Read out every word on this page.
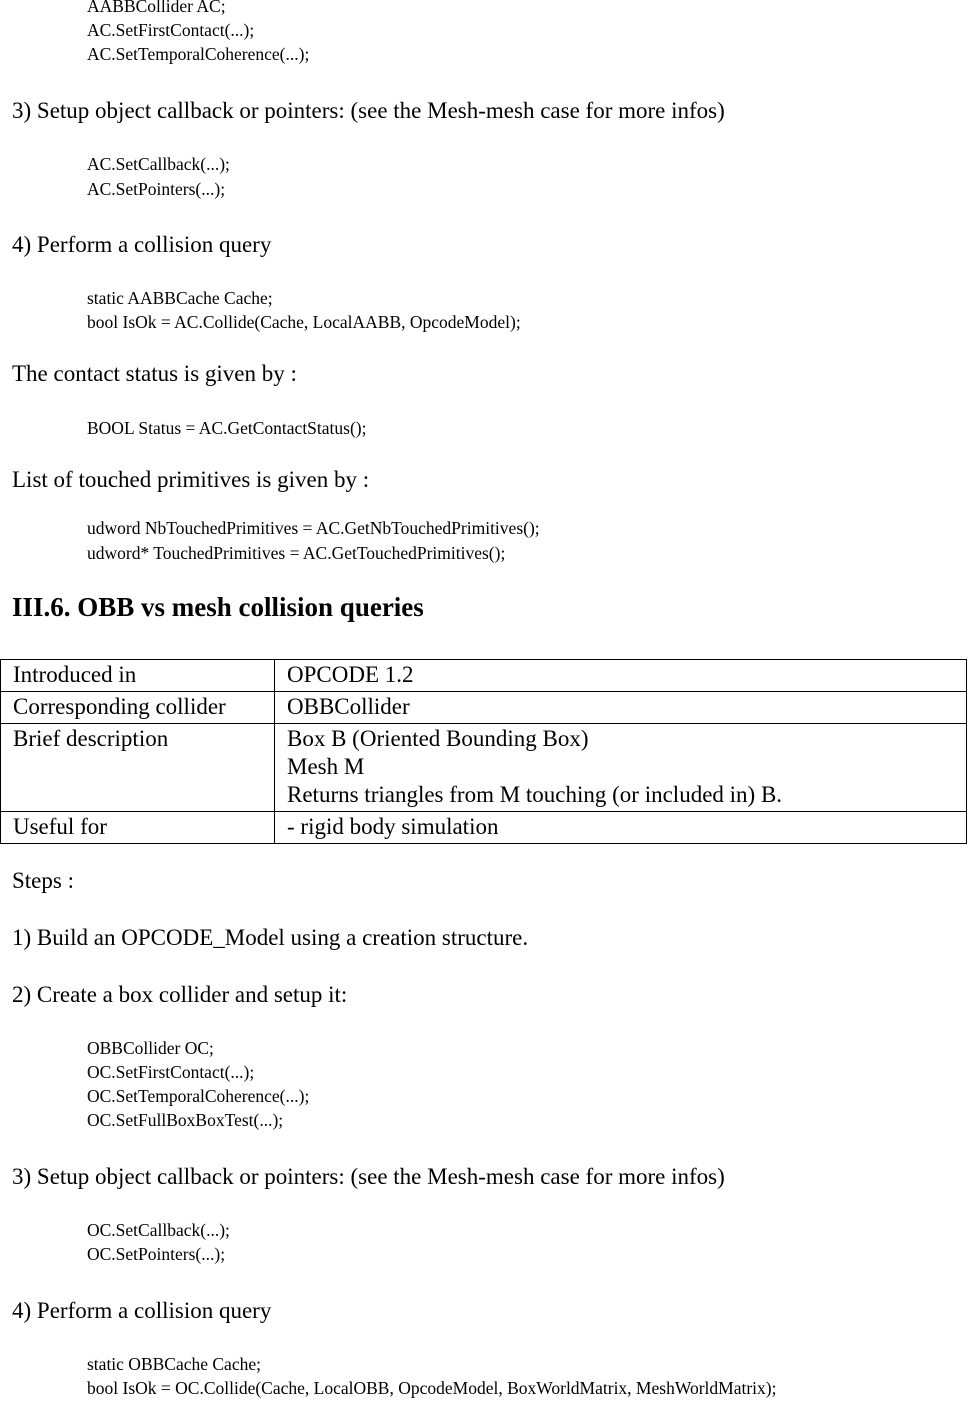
AABBCollider AC;
AC.SetFirstContact(...);
AC.SetTemporalCoherence(...);
3) Setup object callback or pointers: (see the Mesh-mesh case for more infos)
AC.SetCallback(...);
AC.SetPointers(...);
4) Perform a collision query
static AABBCache Cache;
bool IsOk = AC.Collide(Cache, LocalAABB, OpcodeModel);
The contact status is given by :
BOOL Status = AC.GetContactStatus();
List of touched primitives is given by :
udword NbTouchedPrimitives = AC.GetNbTouchedPrimitives();
udword* TouchedPrimitives = AC.GetTouchedPrimitives();
III.6. OBB vs mesh collision queries
Introduced in	OPCODE 1.2

Corresponding collider	OBBCollider

Brief description	Box B (Oriented Bounding Box)
Mesh M
Returns triangles from M touching (or included in) B.

Useful for	- rigid body simulation
Steps :
1) Build an OPCODE_Model using a creation structure.
2) Create a box collider and setup it:
OBBCollider OC;
OC.SetFirstContact(...);
OC.SetTemporalCoherence(...);
OC.SetFullBoxBoxTest(...);
3) Setup object callback or pointers: (see the Mesh-mesh case for more infos)
OC.SetCallback(...);
OC.SetPointers(...);
4) Perform a collision query
static OBBCache Cache;
bool IsOk = OC.Collide(Cache, LocalOBB, OpcodeModel, BoxWorldMatrix, MeshWorldMatrix);
